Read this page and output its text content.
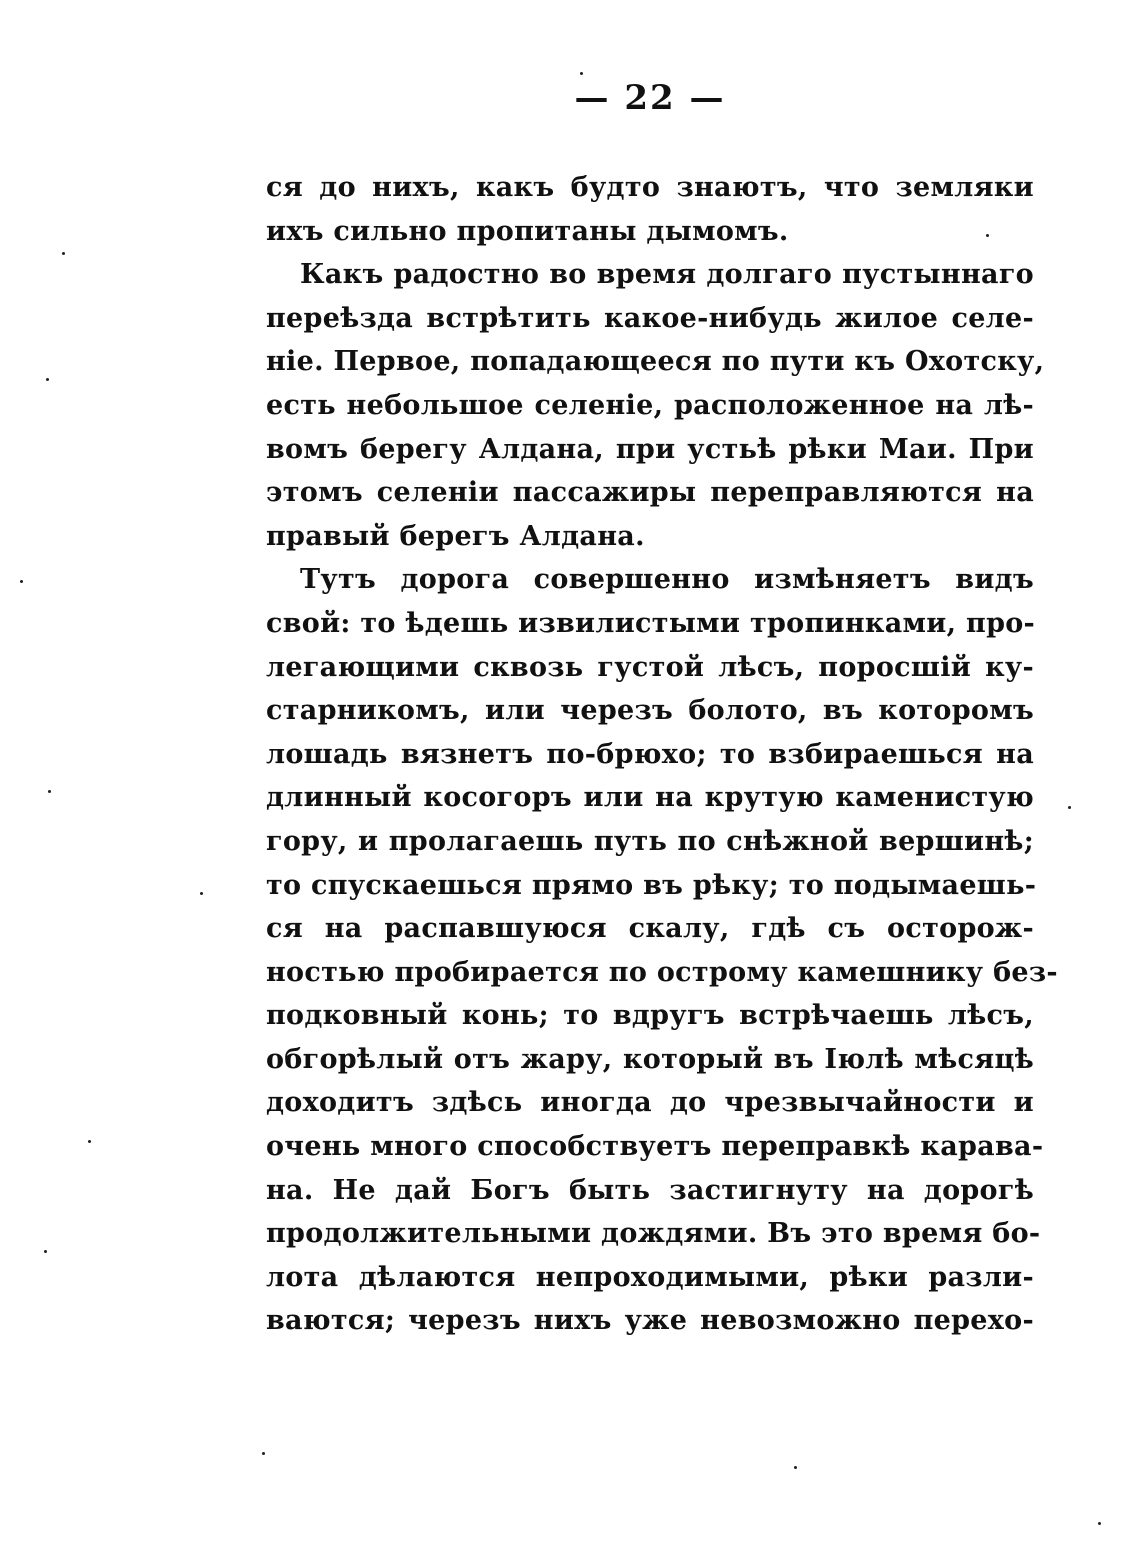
— 22 —
ся до нихъ, какъ будто знаютъ, что земляки
ихъ сильно пропитаны дымомъ.
Какъ радостно во время долгаго пустыннаго
переѣзда встрѣтить какое-нибудь жилое селе-
ніе. Первое, попадающееся по пути къ Охотску,
есть небольшое селеніе, расположенное на лѣ-
вомъ берегу Алдана, при устьѣ рѣки Маи. При
этомъ селеніи пассажиры переправляются на
правый берегъ Алдана.
Тутъ дорога совершенно измѣняетъ видъ
свой: то ѣдешь извилистыми тропинками, про-
легающими сквозь густой лѣсъ, поросшій ку-
старникомъ, или черезъ болото, въ которомъ
лошадь вязнетъ по-брюхо; то взбираешься на
длинный косогоръ или на крутую каменистую
гору, и пролагаешь путь по снѣжной вершинѣ;
то спускаешься прямо въ рѣку; то подымаешь-
ся на распавшуюся скалу, гдѣ съ осторож-
ностью пробирается по острому камешнику без-
подковный конь; то вдругъ встрѣчаешь лѣсъ,
обгорѣлый отъ жару, который въ Іюлѣ мѣсяцѣ
доходитъ здѣсь иногда до чрезвычайности и
очень много способствуетъ переправкѣ карава-
на. Не дай Богъ быть застигнуту на дорогѣ
продолжительными дождями. Въ это время бо-
лота дѣлаются непроходимыми, рѣки разли-
ваются; черезъ нихъ уже невозможно перехо-
